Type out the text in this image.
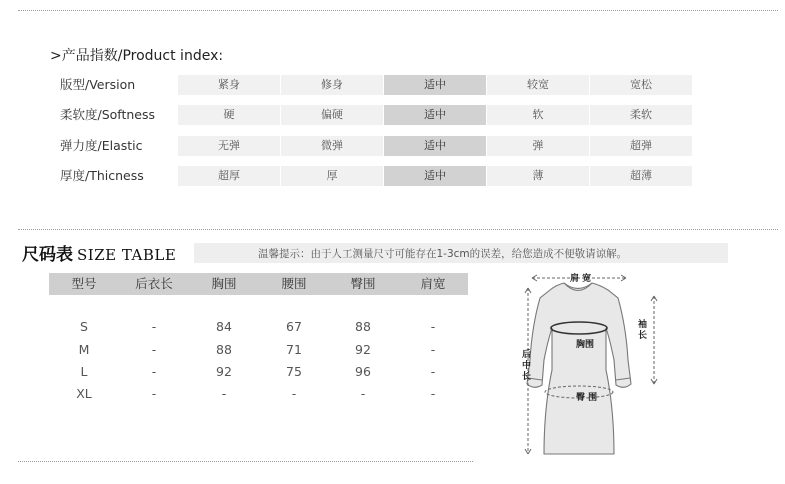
>产品指数/Product index:
版型/Version	紧身	修身	适中	较宽	宽松
柔软度/Softness	硬	偏硬	适中	软	柔软
弹力度/Elastic	无弹	微弹	适中	弹	超弹
厚度/Thicness	超厚	厚	适中	薄	超薄
尺码表 SIZE TABLE	温馨提示：由于人工测量尺寸可能存在1-3cm的误差，给您造成不便敬请谅解。
型号	后衣长	胸围	腰围	臀围	肩宽
S	-	84	67	88	-
M	-	88	71	92	-
L	-	92	75	96	-
XL	-	-	-	-	-
肩 宽
袖
长
胸围
后
中
长
臀 围
